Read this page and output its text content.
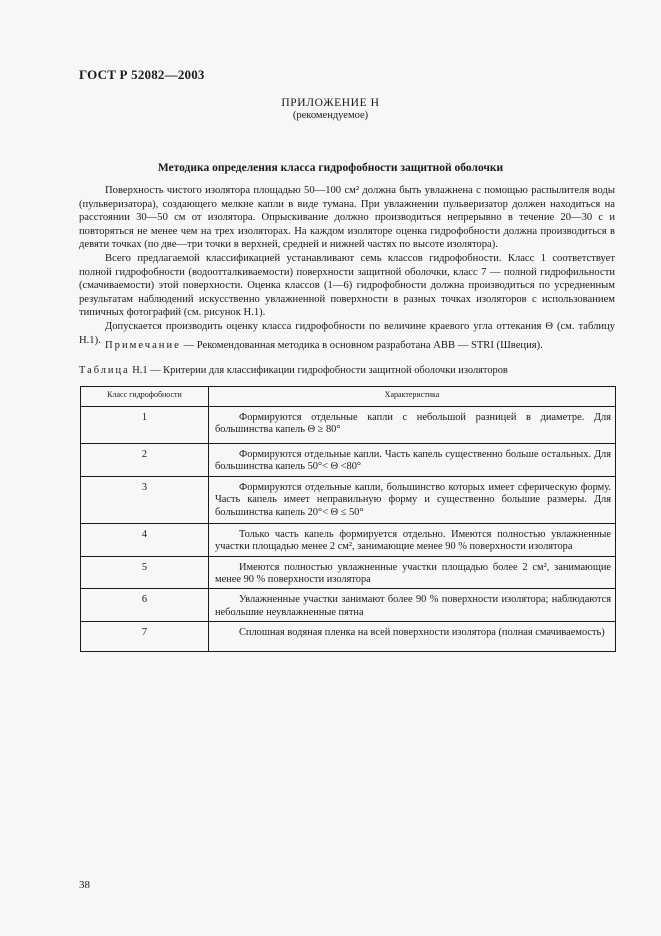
ГОСТ Р 52082—2003
ПРИЛОЖЕНИЕ Н
(рекомендуемое)
Методика определения класса гидрофобности защитной оболочки

Поверхность чистого изолятора площадью 50—100 см² должна быть увлажнена с помощью распылителя воды (пульверизатора), создающего мелкие капли в виде тумана. При увлажнении пульверизатор должен находиться на расстоянии 30—50 см от изолятора. Опрыскивание должно производиться непрерывно в течение 20—30 с и повторяться не менее чем на трех изоляторах. На каждом изоляторе оценка гидрофобности должна производиться в девяти точках (по две—три точки в верхней, средней и нижней частях по высоте изолятора).

Всего предлагаемой классификацией устанавливают семь классов гидрофобности. Класс 1 соответствует полной гидрофобности (водоотталкиваемости) поверхности защитной оболочки, класс 7 — полной гидрофильности (смачиваемости) этой поверхности. Оценка классов (1—6) гидрофобности должна производиться по усредненным результатам наблюдений искусственно увлажненной поверхности в разных точках изоляторов с использованием типичных фотографий (см. рисунок Н.1).

Допускается производить оценку класса гидрофобности по величине краевого угла оттекания Θ (см. таблицу Н.1). Примечание — Рекомендованная методика в основном разработана ABB — STRI (Швеция).
Таблица Н.1 — Критерии для классификации гидрофобности защитной оболочки изоляторов
Класс гидрофобности	Характеристика
1	Формируются отдельные капли с небольшой разницей в диаметре. Для большинства капель Θ ≥ 80°

2	Формируются отдельные капли. Часть капель существенно больше остальных. Для большинства капель 50°< Θ <80°

3	Формируются отдельные капли, большинство которых имеет сферическую форму. Часть капель имеет неправильную форму и существенно большие размеры. Для большинства капель 20°< Θ ≤ 50°

4	Только часть капель формируется отдельно. Имеются полностью увлажненные участки площадью менее 2 см², занимающие менее 90 % поверхности изолятора

5	Имеются полностью увлажненные участки площадью более 2 см², занимающие менее 90 % поверхности изолятора

6	Увлажненные участки занимают более 90 % поверхности изолятора; наблюдаются небольшие неувлажненные пятна

7	Сплошная водяная пленка на всей поверхности изолятора (полная смачиваемость)
38
